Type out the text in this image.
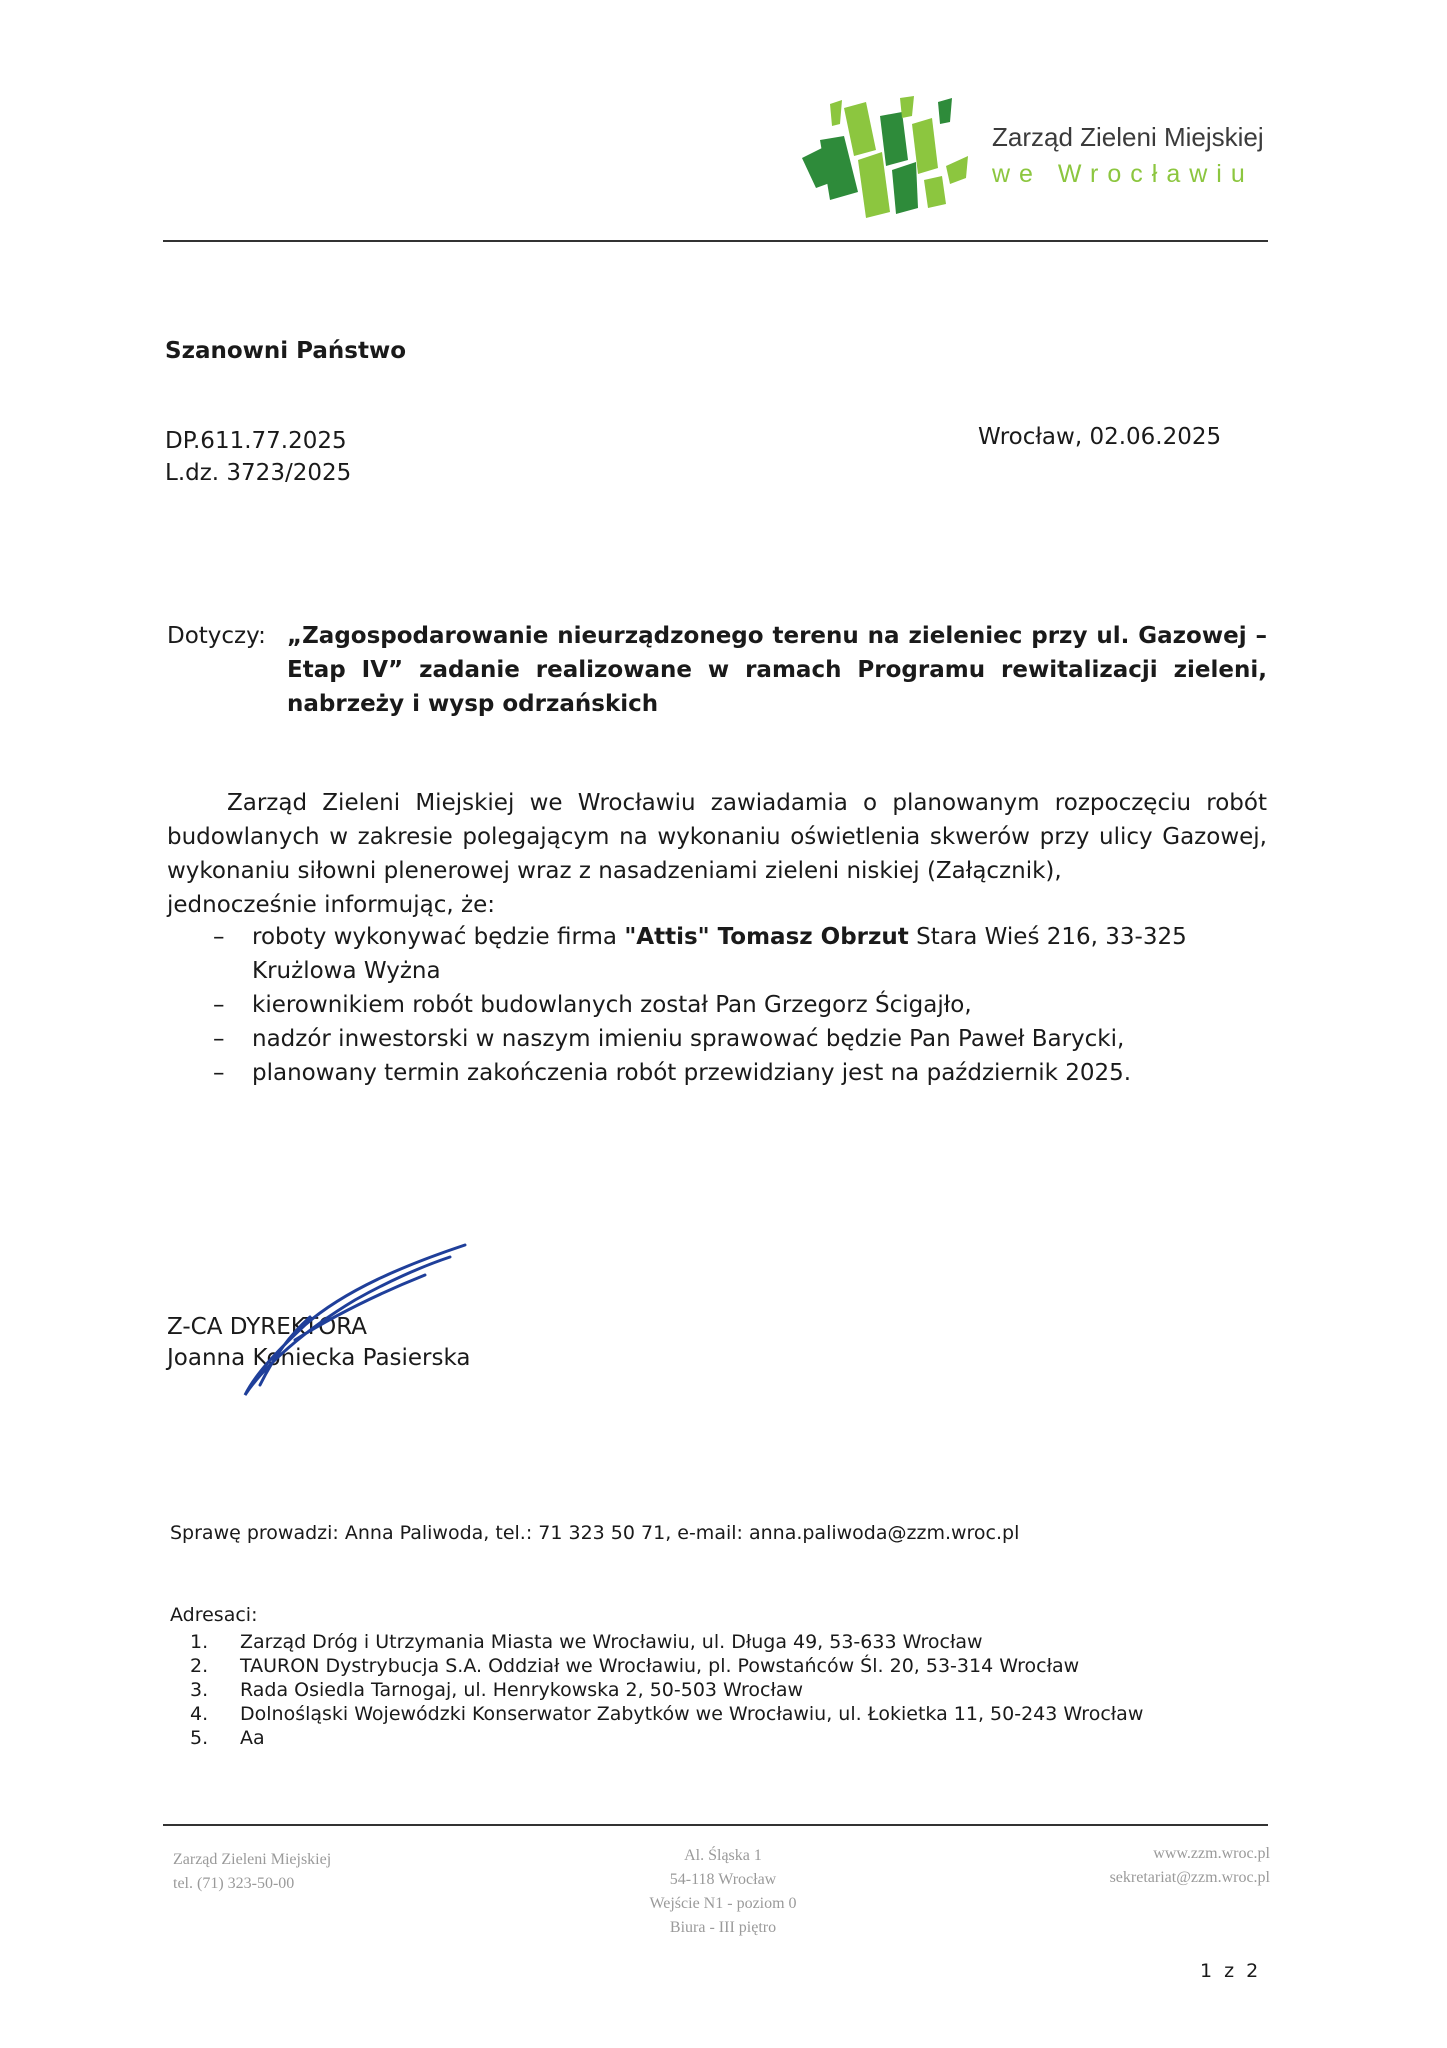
Zarząd Zieleni Miejskiej
we Wrocławiu
Szanowni Państwo
DP.611.77.2025
L.dz. 3723/2025
Wrocław, 02.06.2025
Dotyczy: „Zagospodarowanie nieurządzonego terenu na zieleniec przy ul. Gazowej – Etap IV” zadanie realizowane w ramach Programu rewitalizacji zieleni, nabrzeży i wysp odrzańskich

Zarząd Zieleni Miejskiej we Wrocławiu zawiadamia o planowanym rozpoczęciu robót budowlanych w zakresie polegającym na wykonaniu oświetlenia skwerów przy ulicy Gazowej, wykonaniu siłowni plenerowej wraz z nasadzeniami zieleni niskiej (Załącznik),
jednocześnie informując, że:

– roboty wykonywać będzie firma "Attis" Tomasz Obrzut Stara Wieś 216, 33-325 Krużlowa Wyżna
– kierownikiem robót budowlanych został Pan Grzegorz Ścigajło,
– nadzór inwestorski w naszym imieniu sprawować będzie Pan Paweł Barycki,
– planowany termin zakończenia robót przewidziany jest na październik 2025.
Z-CA DYREKTORA
Joanna Koniecka Pasierska
Sprawę prowadzi: Anna Paliwoda, tel.: 71 323 50 71, e-mail: anna.paliwoda@zzm.wroc.pl
Adresaci:
1.	Zarząd Dróg i Utrzymania Miasta we Wrocławiu, ul. Długa 49, 53-633 Wrocław
2.	TAURON Dystrybucja S.A. Oddział we Wrocławiu, pl. Powstańców Śl. 20, 53-314 Wrocław
3.	Rada Osiedla Tarnogaj, ul. Henrykowska 2, 50-503 Wrocław
4.	Dolnośląski Wojewódzki Konserwator Zabytków we Wrocławiu, ul. Łokietka 11, 50-243 Wrocław
5.	Aa
Zarząd Zieleni Miejskiej
tel. (71) 323-50-00
Al. Śląska 1
54-118 Wrocław
Wejście N1 - poziom 0
Biura - III piętro
www.zzm.wroc.pl
sekretariat@zzm.wroc.pl
1 z 2
